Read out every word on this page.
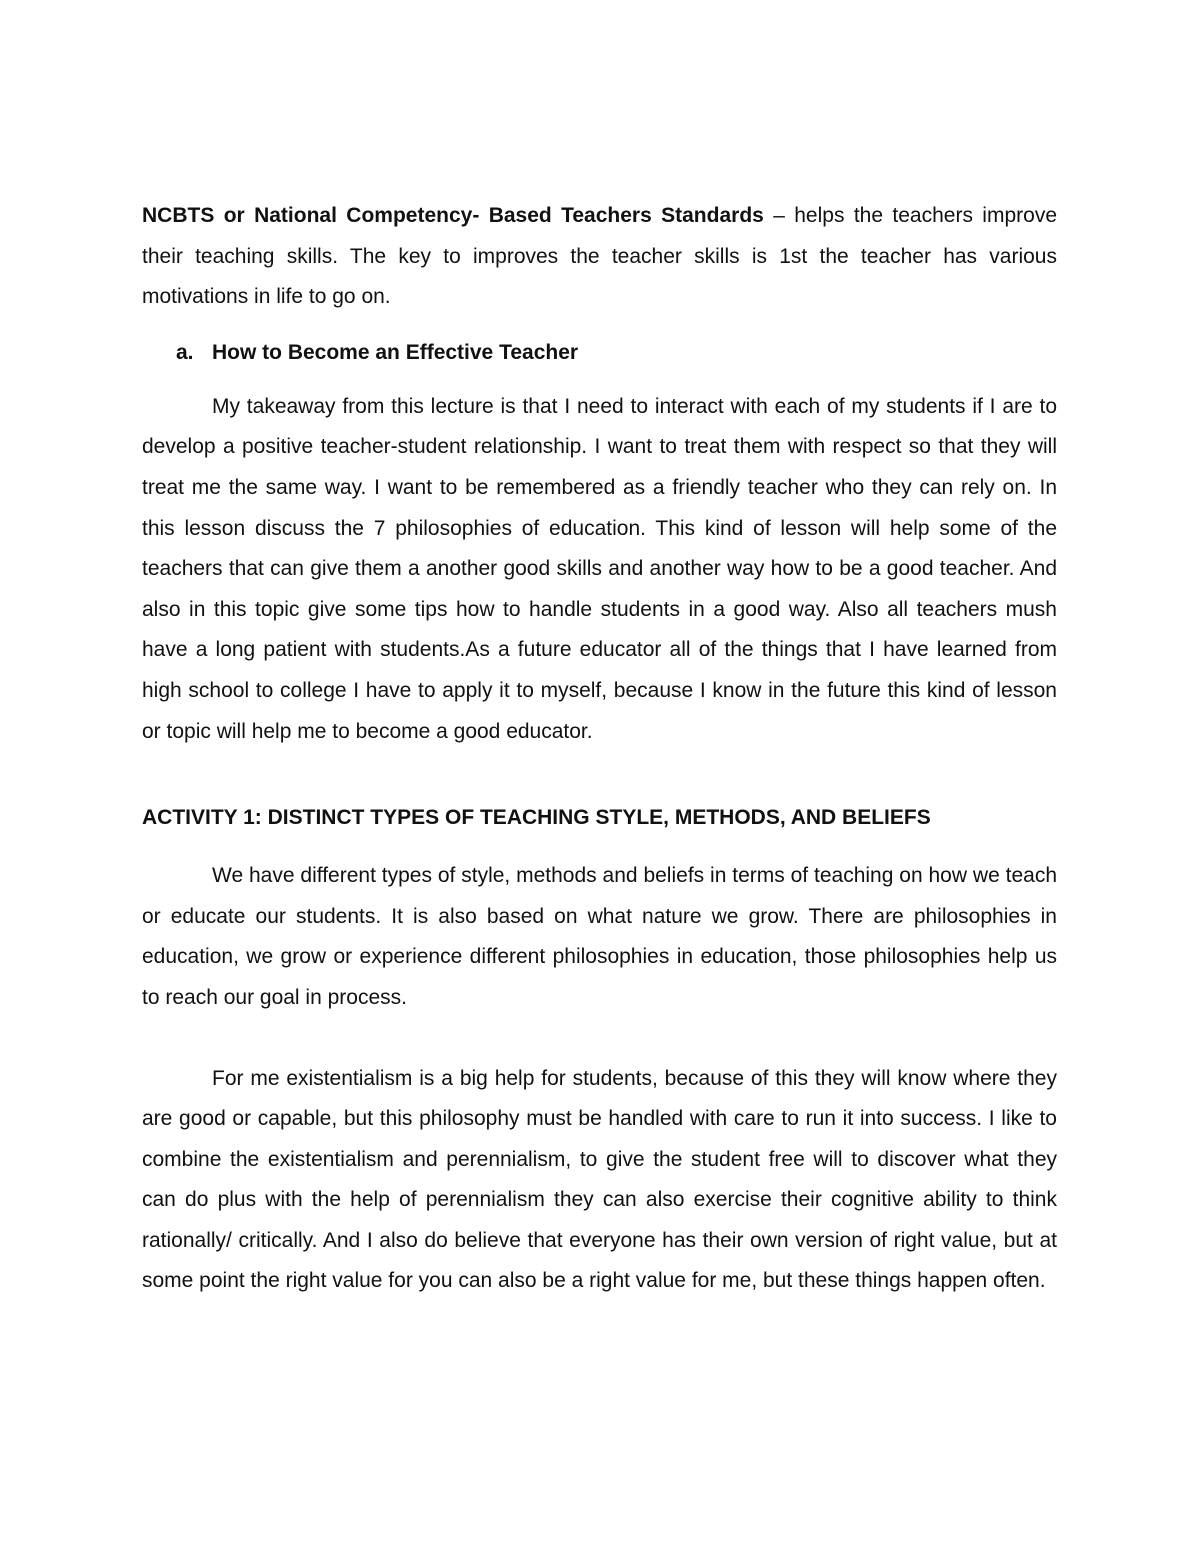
NCBTS or National Competency- Based Teachers Standards – helps the teachers improve their teaching skills. The key to improves the teacher skills is 1st the teacher has various motivations in life to go on.

a. How to Become an Effective Teacher

My takeaway from this lecture is that I need to interact with each of my students if I are to develop a positive teacher-student relationship. I want to treat them with respect so that they will treat me the same way. I want to be remembered as a friendly teacher who they can rely on. In this lesson discuss the 7 philosophies of education. This kind of lesson will help some of the teachers that can give them a another good skills and another way how to be a good teacher. And also in this topic give some tips how to handle students in a good way. Also all teachers mush have a long patient with students.As a future educator all of the things that I have learned from high school to college I have to apply it to myself, because I know in the future this kind of lesson or topic will help me to become a good educator.

ACTIVITY 1: DISTINCT TYPES OF TEACHING STYLE, METHODS, AND BELIEFS

We have different types of style, methods and beliefs in terms of teaching on how we teach or educate our students. It is also based on what nature we grow. There are philosophies in education, we grow or experience different philosophies in education, those philosophies help us to reach our goal in process.

For me existentialism is a big help for students, because of this they will know where they are good or capable, but this philosophy must be handled with care to run it into success. I like to combine the existentialism and perennialism, to give the student free will to discover what they can do plus with the help of perennialism they can also exercise their cognitive ability to think rationally/ critically. And I also do believe that everyone has their own version of right value, but at some point the right value for you can also be a right value for me, but these things happen often.
